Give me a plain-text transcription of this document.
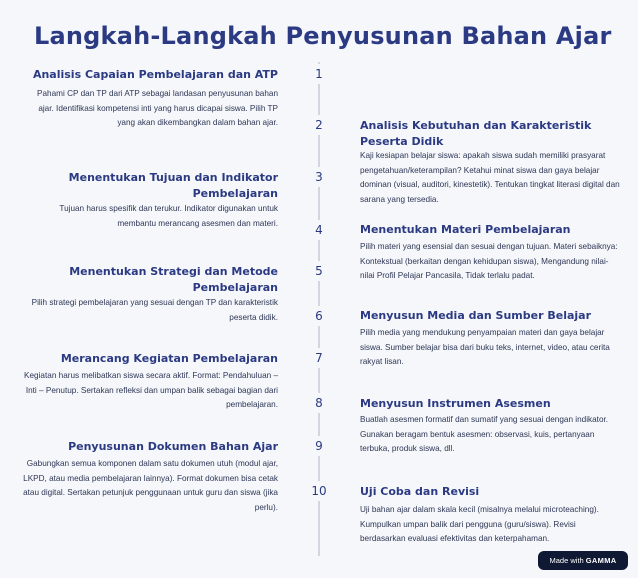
Langkah-Langkah Penyusunan Bahan Ajar
1
Analisis Capaian Pembelajaran dan ATP
Pahami CP dan TP dari ATP sebagai landasan penyusunan bahan ajar. Identifikasi kompetensi inti yang harus dicapai siswa. Pilih TP yang akan dikembangkan dalam bahan ajar.	2	Analisis Kebutuhan dan Karakteristik Peserta Didik
Kaji kesiapan belajar siswa: apakah siswa sudah memiliki prasyarat pengetahuan/keterampilan? Ketahui minat siswa dan gaya belajar dominan (visual, auditori, kinestetik). Tentukan tingkat literasi digital dan sarana yang tersedia.
3
Menentukan Tujuan dan Indikator Pembelajaran
Tujuan harus spesifik dan terukur. Indikator digunakan untuk membantu merancang asesmen dan materi.	4	Menentukan Materi Pembelajaran
Pilih materi yang esensial dan sesuai dengan tujuan. Materi sebaiknya: Kontekstual (berkaitan dengan kehidupan siswa), Mengandung nilai-nilai Profil Pelajar Pancasila, Tidak terlalu padat.
5
Menentukan Strategi dan Metode Pembelajaran
Pilih strategi pembelajaran yang sesuai dengan TP dan karakteristik peserta didik.	6	Menyusun Media dan Sumber Belajar
Pilih media yang mendukung penyampaian materi dan gaya belajar siswa. Sumber belajar bisa dari buku teks, internet, video, atau cerita rakyat lisan.
7
Merancang Kegiatan Pembelajaran
Kegiatan harus melibatkan siswa secara aktif. Format: Pendahuluan – Inti – Penutup. Sertakan refleksi dan umpan balik sebagai bagian dari pembelajaran.	8	Menyusun Instrumen Asesmen
Buatlah asesmen formatif dan sumatif yang sesuai dengan indikator. Gunakan beragam bentuk asesmen: observasi, kuis, pertanyaan terbuka, produk siswa, dll.
9
Penyusunan Dokumen Bahan Ajar
Gabungkan semua komponen dalam satu dokumen utuh (modul ajar, LKPD, atau media pembelajaran lainnya). Format dokumen bisa cetak atau digital. Sertakan petunjuk penggunaan untuk guru dan siswa (jika perlu).
10	Uji Coba dan Revisi
Uji bahan ajar dalam skala kecil (misalnya melalui microteaching). Kumpulkan umpan balik dari pengguna (guru/siswa). Revisi berdasarkan evaluasi efektivitas dan keterpahaman.
Made with GAMMA
